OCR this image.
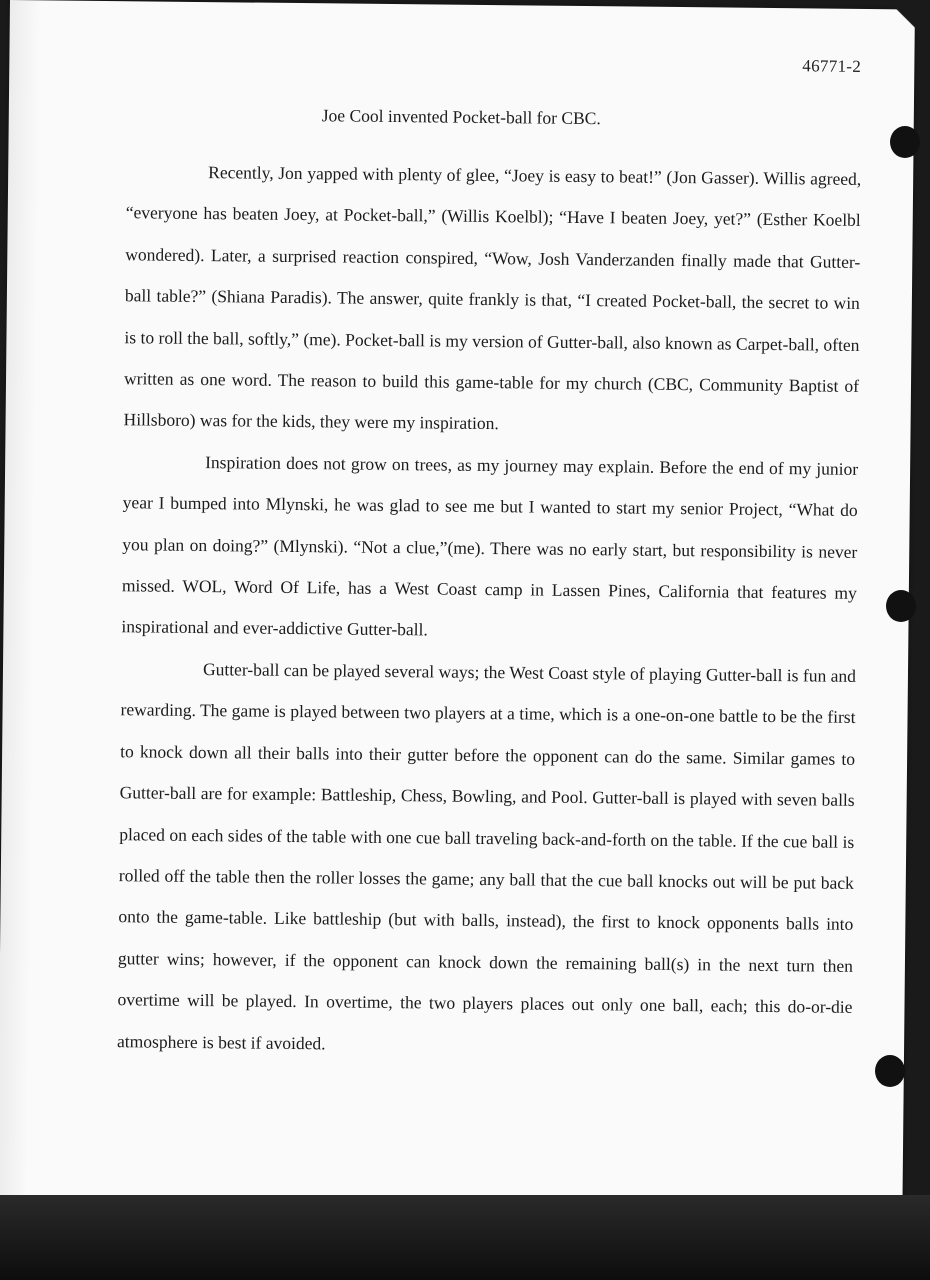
46771-2
Joe Cool invented Pocket-ball for CBC.

Recently, Jon yapped with plenty of glee, “Joey is easy to beat!” (Jon Gasser). Willis agreed, “everyone has beaten Joey, at Pocket-ball,” (Willis Koelbl); “Have I beaten Joey, yet?” (Esther Koelbl wondered). Later, a surprised reaction conspired, “Wow, Josh Vanderzanden finally made that Gutter-ball table?” (Shiana Paradis). The answer, quite frankly is that, “I created Pocket-ball, the secret to win is to roll the ball, softly,” (me). Pocket-ball is my version of Gutter-ball, also known as Carpet-ball, often written as one word. The reason to build this game-table for my church (CBC, Community Baptist of Hillsboro) was for the kids, they were my inspiration.

Inspiration does not grow on trees, as my journey may explain. Before the end of my junior year I bumped into Mlynski, he was glad to see me but I wanted to start my senior Project, “What do you plan on doing?” (Mlynski). “Not a clue,”(me). There was no early start, but responsibility is never missed. WOL, Word Of Life, has a West Coast camp in Lassen Pines, California that features my inspirational and ever-addictive Gutter-ball.

Gutter-ball can be played several ways; the West Coast style of playing Gutter-ball is fun and rewarding. The game is played between two players at a time, which is a one-on-one battle to be the first to knock down all their balls into their gutter before the opponent can do the same. Similar games to Gutter-ball are for example: Battleship, Chess, Bowling, and Pool. Gutter-ball is played with seven balls placed on each sides of the table with one cue ball traveling back-and-forth on the table. If the cue ball is rolled off the table then the roller losses the game; any ball that the cue ball knocks out will be put back onto the game-table. Like battleship (but with balls, instead), the first to knock opponents balls into gutter wins; however, if the opponent can knock down the remaining ball(s) in the next turn then overtime will be played. In overtime, the two players places out only one ball, each; this do-or-die atmosphere is best if avoided.
